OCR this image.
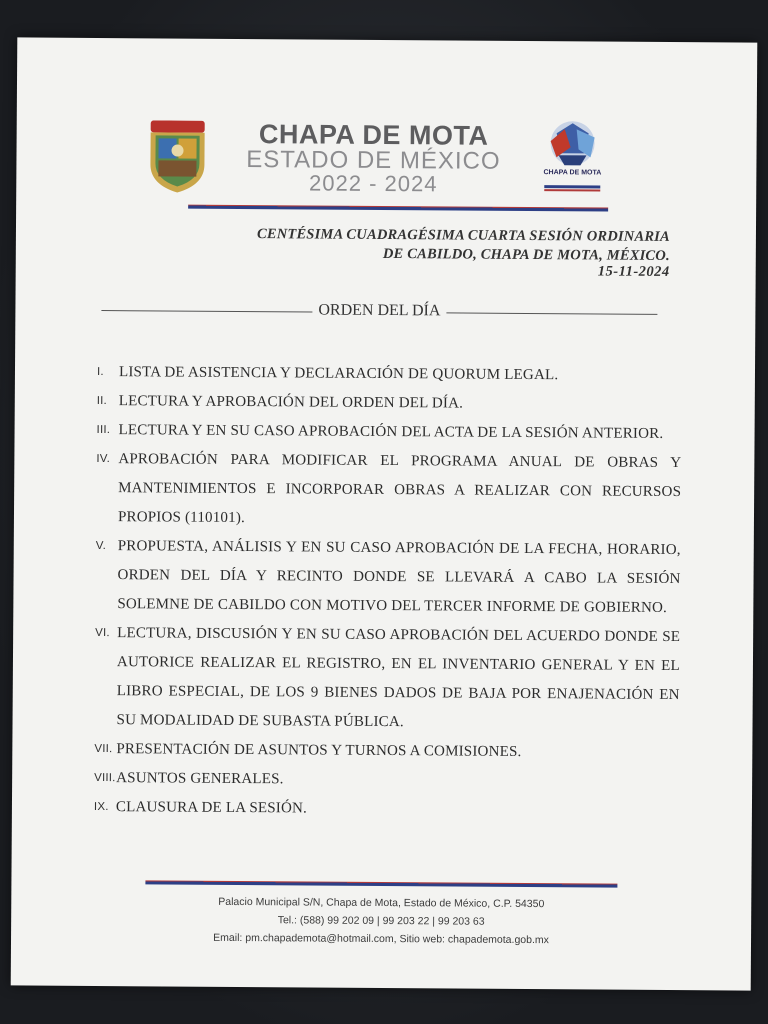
CHAPA DE MOTA
ESTADO DE MÉXICO
2022 - 2024	CHAPA DE MOTA
CENTÉSIMA CUADRAGÉSIMA CUARTA SESIÓN ORDINARIA
DE CABILDO, CHAPA DE MOTA, MÉXICO.
15-11-2024
ORDEN DEL DÍA
I.	LISTA DE ASISTENCIA Y DECLARACIÓN DE QUORUM LEGAL.
II. LECTURA Y APROBACIÓN DEL ORDEN DEL DÍA.
III. LECTURA Y EN SU CASO APROBACIÓN DEL ACTA DE LA SESIÓN ANTERIOR.
IV. APROBACIÓN PARA MODIFICAR EL PROGRAMA ANUAL DE OBRAS Y MANTENIMIENTOS E INCORPORAR OBRAS A REALIZAR CON RECURSOS PROPIOS (110101).
V. PROPUESTA, ANÁLISIS Y EN SU CASO APROBACIÓN DE LA FECHA, HORARIO, ORDEN DEL DÍA Y RECINTO DONDE SE LLEVARÁ A CABO LA SESIÓN SOLEMNE DE CABILDO CON MOTIVO DEL TERCER INFORME DE GOBIERNO.
VI. LECTURA, DISCUSIÓN Y EN SU CASO APROBACIÓN DEL ACUERDO DONDE SE AUTORICE REALIZAR EL REGISTRO, EN EL INVENTARIO GENERAL Y EN EL LIBRO ESPECIAL, DE LOS 9 BIENES DADOS DE BAJA POR ENAJENACIÓN EN SU MODALIDAD DE SUBASTA PÚBLICA.
VII. PRESENTACIÓN DE ASUNTOS Y TURNOS A COMISIONES.
VIII. ASUNTOS GENERALES.
IX. CLAUSURA DE LA SESIÓN.
Palacio Municipal S/N, Chapa de Mota, Estado de México, C.P. 54350
Tel.: (588) 99 202 09 | 99 203 22 | 99 203 63
Email: pm.chapademota@hotmail.com, Sitio web: chapademota.gob.mx
